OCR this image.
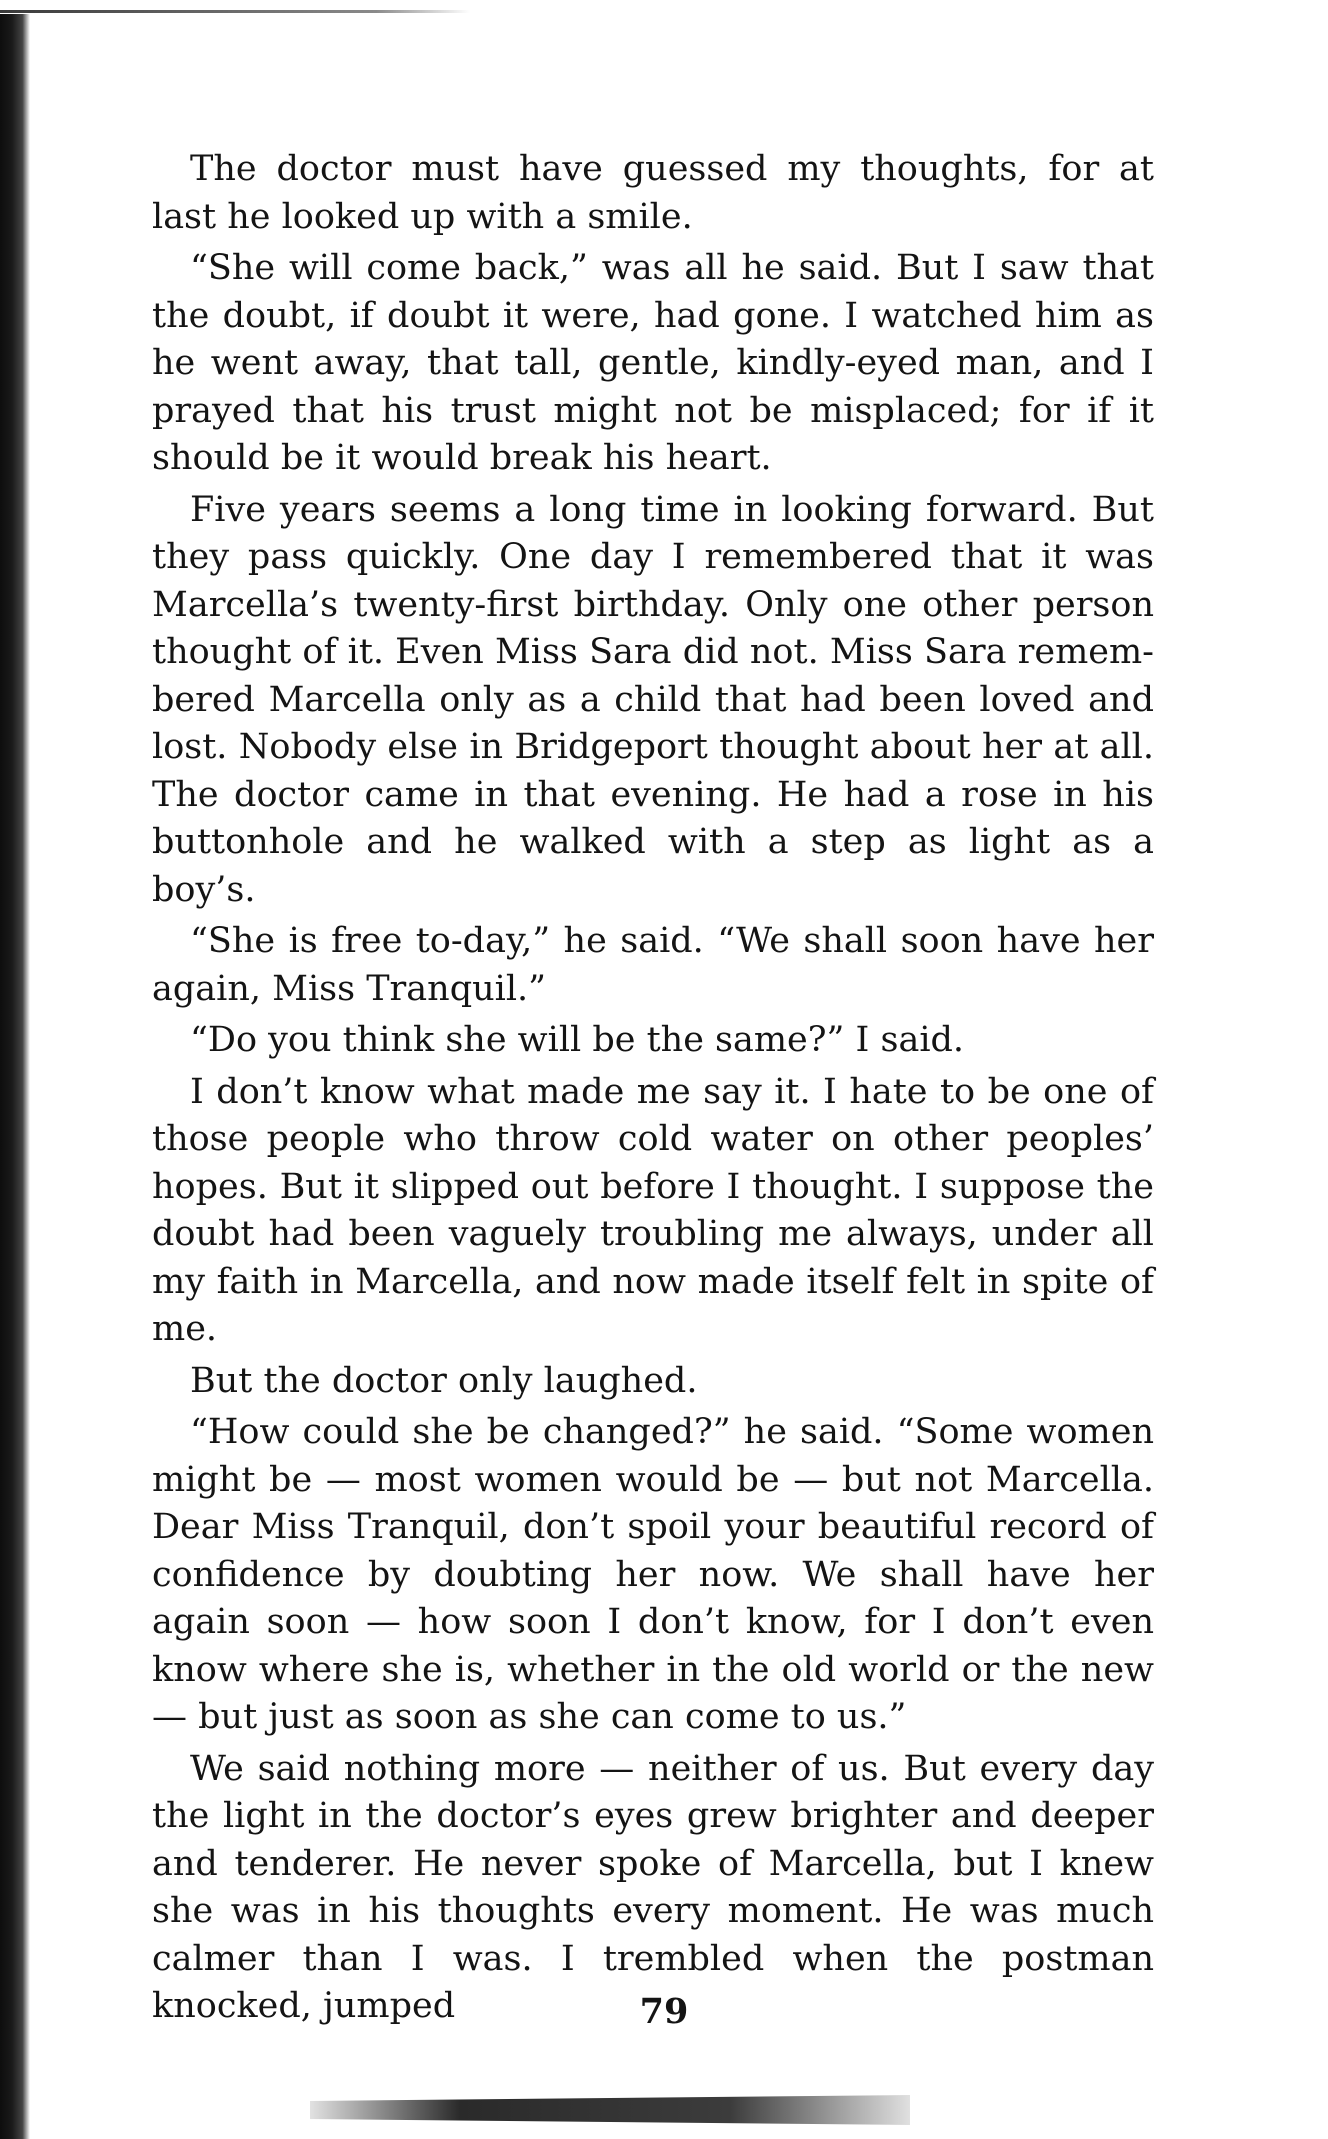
The doctor must have guessed my thoughts, for at last he looked up with a smile.

“She will come back,” was all he said. But I saw that the doubt, if doubt it were, had gone. I watched him as he went away, that tall, gentle, kindly-eyed man, and I prayed that his trust might not be misplaced; for if it should be it would break his heart.

Five years seems a long time in looking forward. But they pass quickly. One day I remembered that it was Marcella’s twenty-first birthday. Only one other person thought of it. Even Miss Sara did not. Miss Sara remembered Marcella only as a child that had been loved and lost. Nobody else in Bridgeport thought about her at all. The doctor came in that evening. He had a rose in his buttonhole and he walked with a step as light as a boy’s.

“She is free to-day,” he said. “We shall soon have her again, Miss Tranquil.”

“Do you think she will be the same?” I said.

I don’t know what made me say it. I hate to be one of those people who throw cold water on other peoples’ hopes. But it slipped out before I thought. I suppose the doubt had been vaguely troubling me always, under all my faith in Marcella, and now made itself felt in spite of me.

But the doctor only laughed.

“How could she be changed?” he said. “Some women might be — most women would be — but not Marcella. Dear Miss Tranquil, don’t spoil your beautiful record of confidence by doubting her now. We shall have her again soon — how soon I don’t know, for I don’t even know where she is, whether in the old world or the new — but just as soon as she can come to us.”

We said nothing more — neither of us. But every day the light in the doctor’s eyes grew brighter and deeper and tenderer. He never spoke of Marcella, but I knew she was in his thoughts every moment. He was much calmer than I was. I trembled when the postman knocked, jumped	79
